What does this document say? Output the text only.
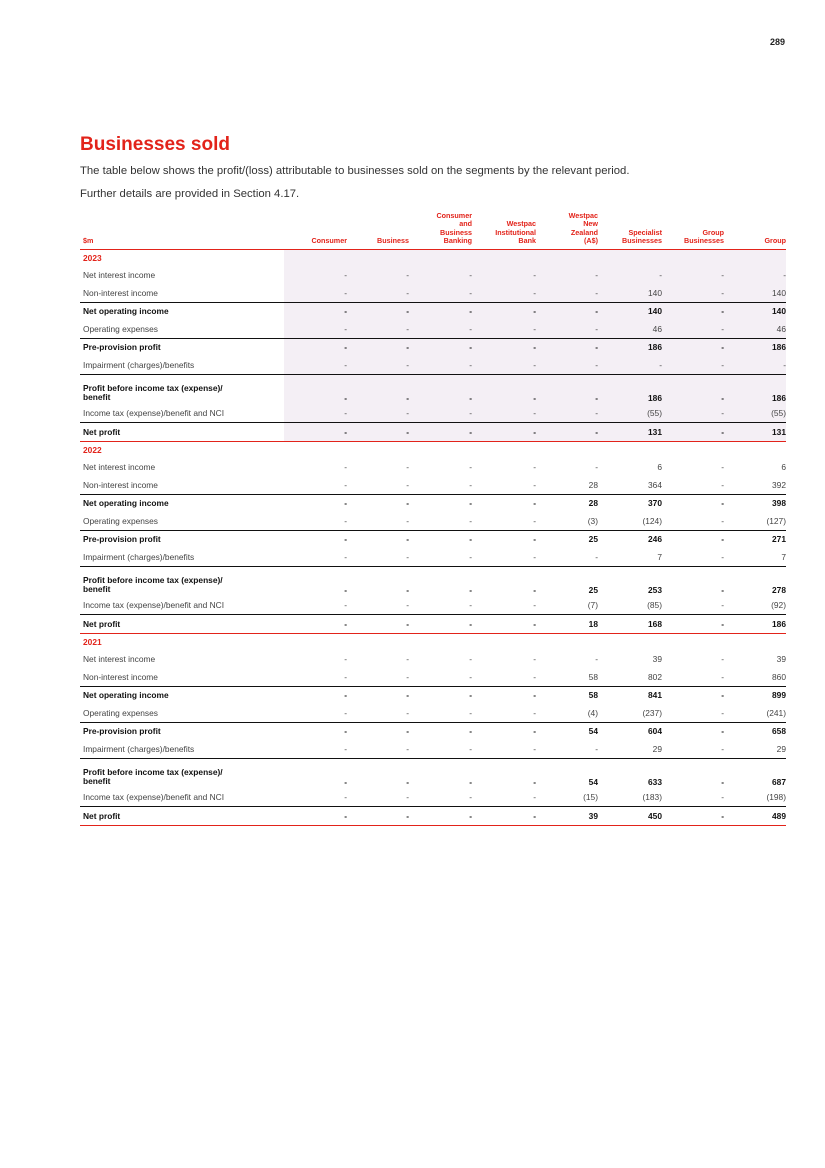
289
Businesses sold

The table below shows the profit/(loss) attributable to businesses sold on the segments by the relevant period.

Further details are provided in Section 4.17.

$m	Consumer	Business	Consumer
and
Business
Banking	Westpac
Institutional
Bank	Westpac
New
Zealand
(A$)	Specialist
Businesses	Group
Businesses	Group
2023								
Net interest income	-	-	-	-	-	-	-	-
Non-interest income	-	-	-	-	-	140	-	140
Net operating income	-	-	-	-	-	140	-	140
Operating expenses	-	-	-	-	-	46	-	46
Pre-provision profit	-	-	-	-	-	186	-	186
Impairment (charges)/benefits	-	-	-	-	-	-	-	-
Profit before income tax (expense)/
benefit	-	-	-	-	-	186	-	186
Income tax (expense)/benefit and NCI	-	-	-	-	-	(55)	-	(55)
Net profit	-	-	-	-	-	131	-	131
2022								
Net interest income	-	-	-	-	-	6	-	6
Non-interest income	-	-	-	-	28	364	-	392
Net operating income	-	-	-	-	28	370	-	398
Operating expenses	-	-	-	-	(3)	(124)	-	(127)
Pre-provision profit	-	-	-	-	25	246	-	271
Impairment (charges)/benefits	-	-	-	-	-	7	-	7
Profit before income tax (expense)/
benefit	-	-	-	-	25	253	-	278
Income tax (expense)/benefit and NCI	-	-	-	-	(7)	(85)	-	(92)
Net profit	-	-	-	-	18	168	-	186
2021								
Net interest income	-	-	-	-	-	39	-	39
Non-interest income	-	-	-	-	58	802	-	860
Net operating income	-	-	-	-	58	841	-	899
Operating expenses	-	-	-	-	(4)	(237)	-	(241)
Pre-provision profit	-	-	-	-	54	604	-	658
Impairment (charges)/benefits	-	-	-	-	-	29	-	29
Profit before income tax (expense)/
benefit	-	-	-	-	54	633	-	687
Income tax (expense)/benefit and NCI	-	-	-	-	(15)	(183)	-	(198)
Net profit	-	-	-	-	39	450	-	489
